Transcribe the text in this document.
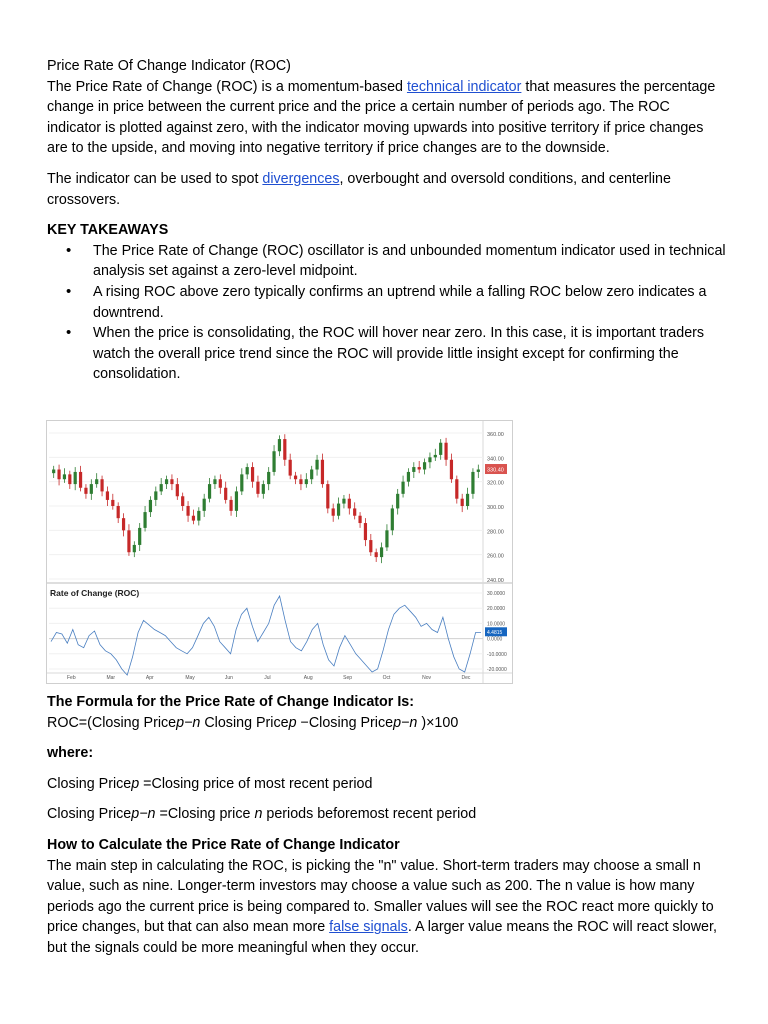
Price Rate Of Change Indicator (ROC)

The Price Rate of Change (ROC) is a momentum-based technical indicator that measures the percentage change in price between the current price and the price a certain number of periods ago. The ROC indicator is plotted against zero, with the indicator moving upwards into positive territory if price changes are to the upside, and moving into negative territory if price changes are to the downside.

The indicator can be used to spot divergences, overbought and oversold conditions, and centerline crossovers.

KEY TAKEAWAYS

• The Price Rate of Change (ROC) oscillator is and unbounded momentum indicator used in technical analysis set against a zero-level midpoint.
• A rising ROC above zero typically confirms an uptrend while a falling ROC below zero indicates a downtrend.
• When the price is consolidating, the ROC will hover near zero. In this case, it is important traders watch the overall price trend since the ROC will provide little insight except for confirming the consolidation.
360.00
340.00
320.00
300.00
280.00
260.00
240.00
330.40
30.0000
20.0000
10.0000
0.0000
-10.0000
-20.0000
4.4815
Feb	Mar	Apr	May	Jun	Jul	Aug	Sep	Oct	Nov	Dec
Rate of Change (ROC)

The Formula for the Price Rate of Change Indicator Is:

ROC=(Closing Pricep−n Closing Pricep −Closing Pricep−n )×100

where:

Closing Pricep =Closing price of most recent period

Closing Pricep−n =Closing price n periods beforemost recent period

How to Calculate the Price Rate of Change Indicator

The main step in calculating the ROC, is picking the "n" value. Short-term traders may choose a small n value, such as nine. Longer-term investors may choose a value such as 200. The n value is how many periods ago the current price is being compared to. Smaller values will see the ROC react more quickly to price changes, but that can also mean more false signals. A larger value means the ROC will react slower, but the signals could be more meaningful when they occur.
